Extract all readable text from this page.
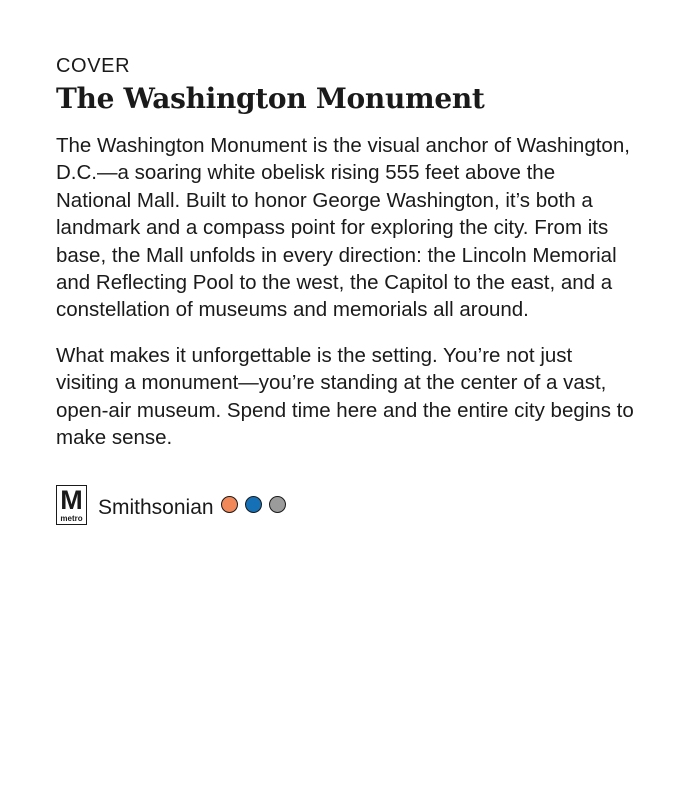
COVER

The Washington Monument

The Washington Monument is the visual anchor of Washington, D.C.—a soaring white obelisk rising 555 feet above the National Mall. Built to honor George Washington, it’s both a landmark and a compass point for exploring the city. From its base, the Mall unfolds in every direction: the Lincoln Memorial and Reflecting Pool to the west, the Capitol to the east, and a constellation of museums and memorials all around.

What makes it unforgettable is the setting. You’re not just visiting a monument—you’re standing at the center of a vast, open-air museum. Spend time here and the entire city begins to make sense.

M
metro Smithsonian
